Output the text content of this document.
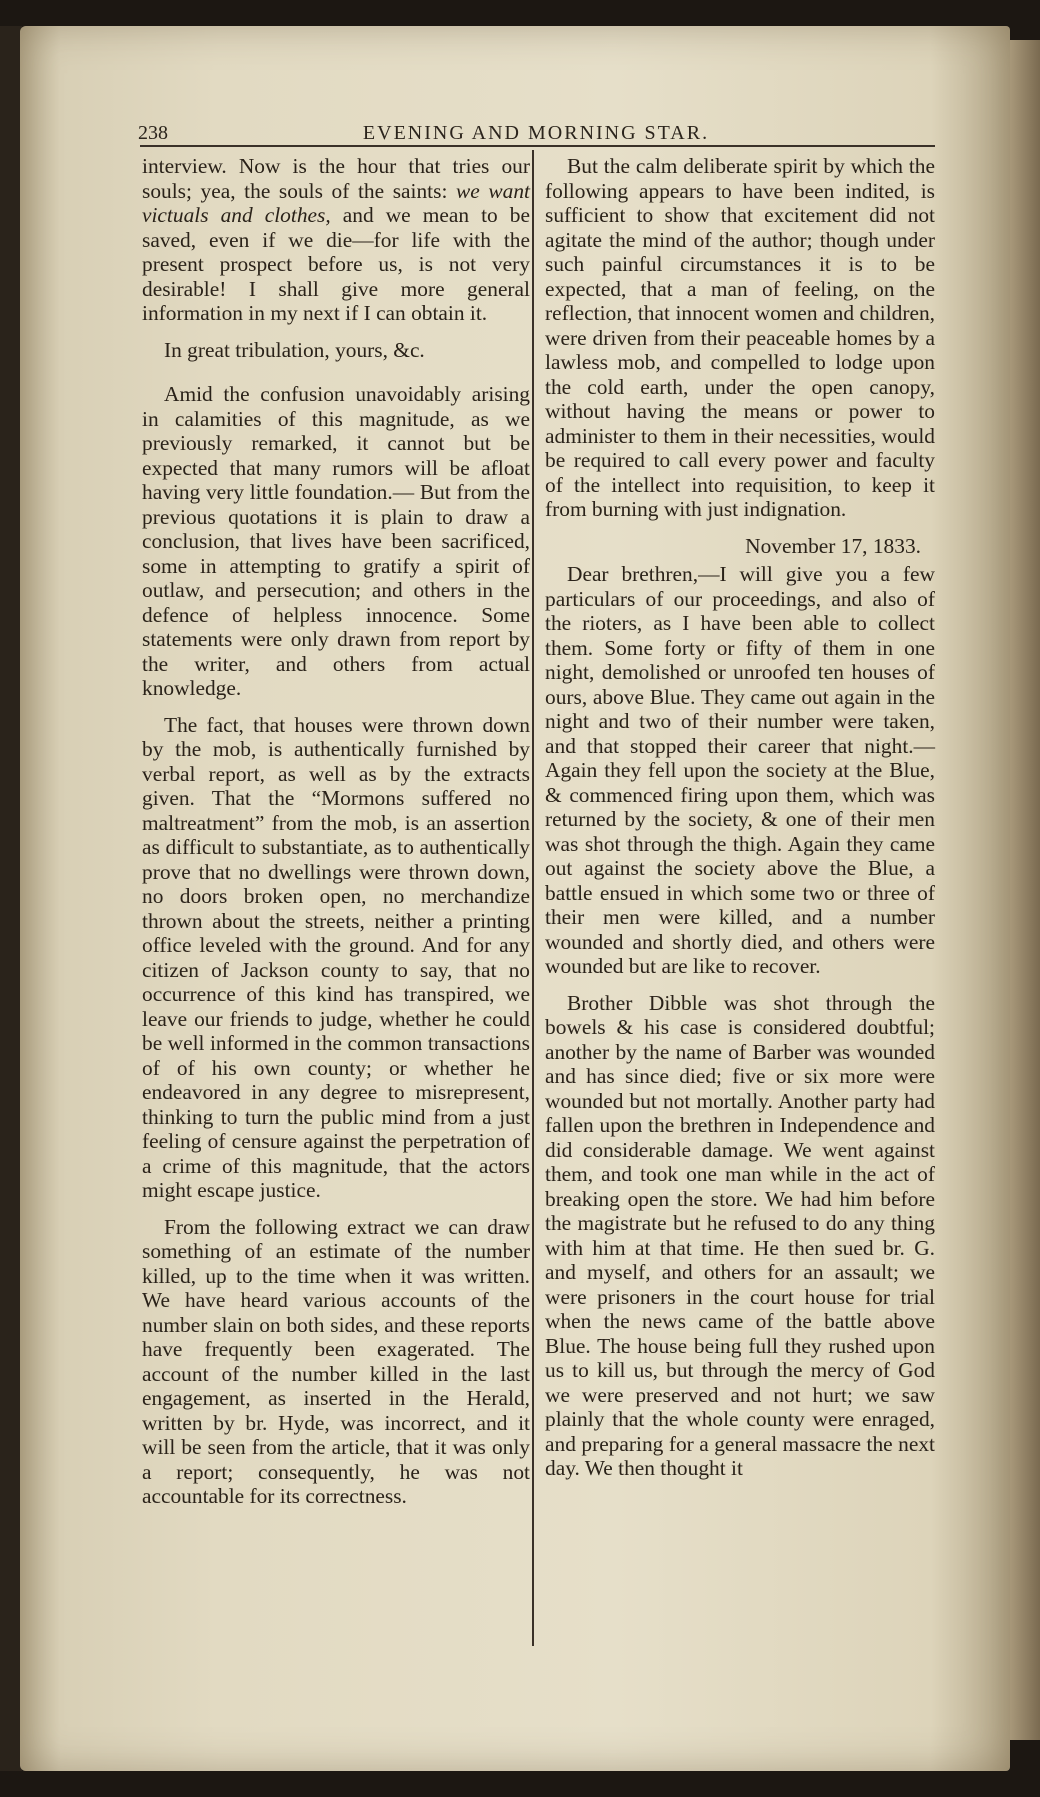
238	EVENING AND MORNING STAR.

interview. Now is the hour that tries our souls; yea, the souls of the saints: we want victuals and clothes, and we mean to be saved, even if we die—for life with the present prospect before us, is not very desirable! I shall give more general information in my next if I can obtain it.

In great tribulation, yours, &c.

Amid the confusion unavoidably arising in calamities of this magnitude, as we previously remarked, it cannot but be expected that many rumors will be afloat having very little foundation.— But from the previous quotations it is plain to draw a conclusion, that lives have been sacrificed, some in attempting to gratify a spirit of outlaw, and persecution; and others in the defence of helpless innocence. Some statements were only drawn from report by the writer, and others from actual knowledge.

The fact, that houses were thrown down by the mob, is authentically furnished by verbal report, as well as by the extracts given. That the “Mormons suffered no maltreatment” from the mob, is an assertion as difficult to substantiate, as to authentically prove that no dwellings were thrown down, no doors broken open, no merchandize thrown about the streets, neither a printing office leveled with the ground. And for any citizen of Jackson county to say, that no occurrence of this kind has transpired, we leave our friends to judge, whether he could be well informed in the common transactions of of his own county; or whether he endeavored in any degree to misrepresent, thinking to turn the public mind from a just feeling of censure against the perpetration of a crime of this magnitude, that the actors might escape justice.

From the following extract we can draw something of an estimate of the number killed, up to the time when it was written. We have heard various accounts of the number slain on both sides, and these reports have frequently been exagerated. The account of the number killed in the last engagement, as inserted in the Herald, written by br. Hyde, was incorrect, and it will be seen from the article, that it was only a report; consequently, he was not accountable for its correctness.

But the calm deliberate spirit by which the following appears to have been indited, is sufficient to show that excitement did not agitate the mind of the author; though under such painful circumstances it is to be expected, that a man of feeling, on the reflection, that innocent women and children, were driven from their peaceable homes by a lawless mob, and compelled to lodge upon the cold earth, under the open canopy, without having the means or power to administer to them in their necessities, would be required to call every power and faculty of the intellect into requisition, to keep it from burning with just indignation.

November 17, 1833.

Dear brethren,—I will give you a few particulars of our proceedings, and also of the rioters, as I have been able to collect them. Some forty or fifty of them in one night, demolished or unroofed ten houses of ours, above Blue. They came out again in the night and two of their number were taken, and that stopped their career that night.— Again they fell upon the society at the Blue, & commenced firing upon them, which was returned by the society, & one of their men was shot through the thigh. Again they came out against the society above the Blue, a battle ensued in which some two or three of their men were killed, and a number wounded and shortly died, and others were wounded but are like to recover.

Brother Dibble was shot through the bowels & his case is considered doubtful; another by the name of Barber was wounded and has since died; five or six more were wounded but not mortally. Another party had fallen upon the brethren in Independence and did considerable damage. We went against them, and took one man while in the act of breaking open the store. We had him before the magistrate but he refused to do any thing with him at that time. He then sued br. G. and myself, and others for an assault; we were prisoners in the court house for trial when the news came of the battle above Blue. The house being full they rushed upon us to kill us, but through the mercy of God we were preserved and not hurt; we saw plainly that the whole county were enraged, and preparing for a general massacre the next day. We then thought it
